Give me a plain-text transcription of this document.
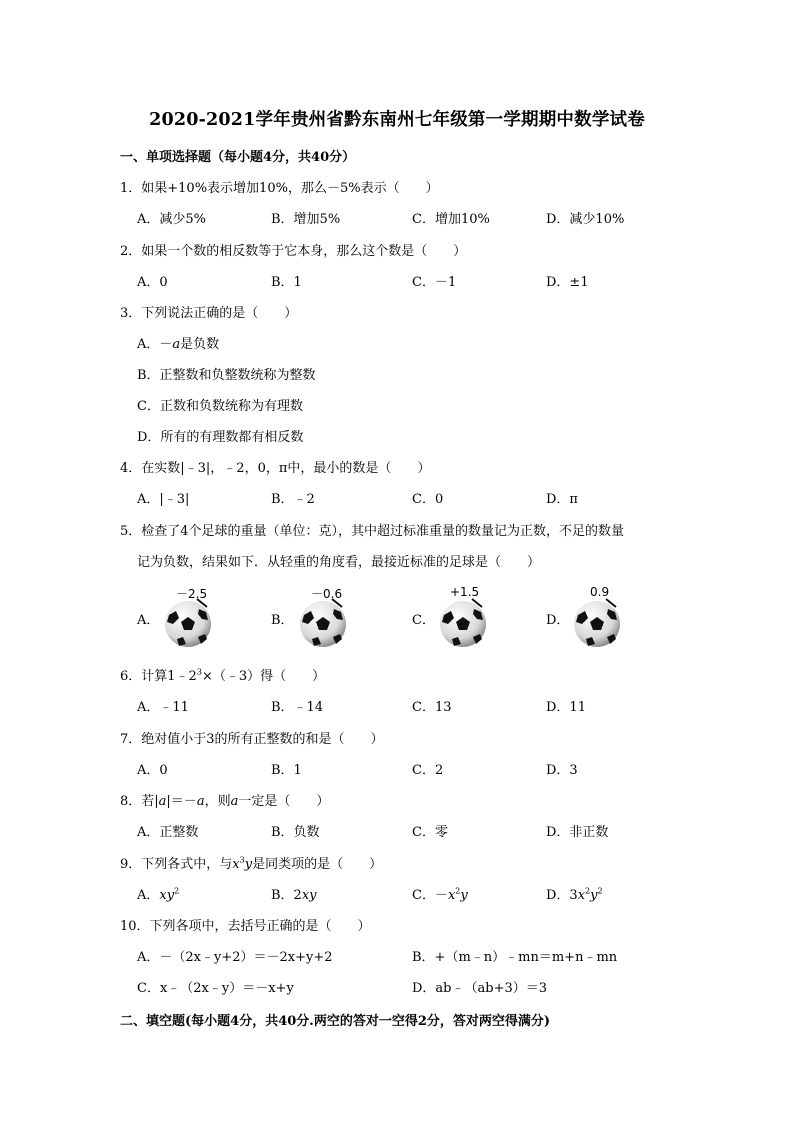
2020-2021学年贵州省黔东南州七年级第一学期期中数学试卷
一、单项选择题（每小题4分，共40分）
1．如果+10%表示增加10%，那么－5%表示（　　）
A．减少5%	B．增加5%	C．增加10%	D．减少10%
2．如果一个数的相反数等于它本身，那么这个数是（　　）
A．0	B．1	C．－1	D．±1
3．下列说法正确的是（　　）
A．－a是负数
B．正整数和负整数统称为整数
C．正数和负数统称为有理数
D．所有的有理数都有相反数
4．在实数|﹣3|，﹣2，0，π中，最小的数是（　　）
A．|﹣3|	B．﹣2	C．0	D．π
5．检查了4个足球的重量（单位：克），其中超过标准重量的数量记为正数，不足的数量
记为负数，结果如下．从轻重的角度看，最接近标准的足球是（　　）
A．
－2.5
B．
－0.6
C．
+1.5
D．
0.9
6．计算$1﹣2^3\times(﹣3)$得（　　）
A．﹣11	B．﹣14	C．13	D．11
7．绝对值小于3的所有正整数的和是（　　）
A．0	B．1	C．2	D．3
8．若|a|＝－a，则a一定是（　　）
A．正整数	B．负数	C．零	D．非正数
9．下列各式中，与$x^3y$是同类项的是（　　）
A．$xy^2$	B．2xy	C．$-x^2y$	D．$3x^2y^2$
10．下列各项中，去括号正确的是（　　）
A．－（2x﹣y+2）＝－2x+y+2	B．+（m﹣n）﹣mn＝m+n﹣mn
C．x﹣（2x﹣y）＝－x+y	D．ab﹣（ab+3）＝3
二、填空题(每小题4分，共40分.两空的答对一空得2分，答对两空得满分)
